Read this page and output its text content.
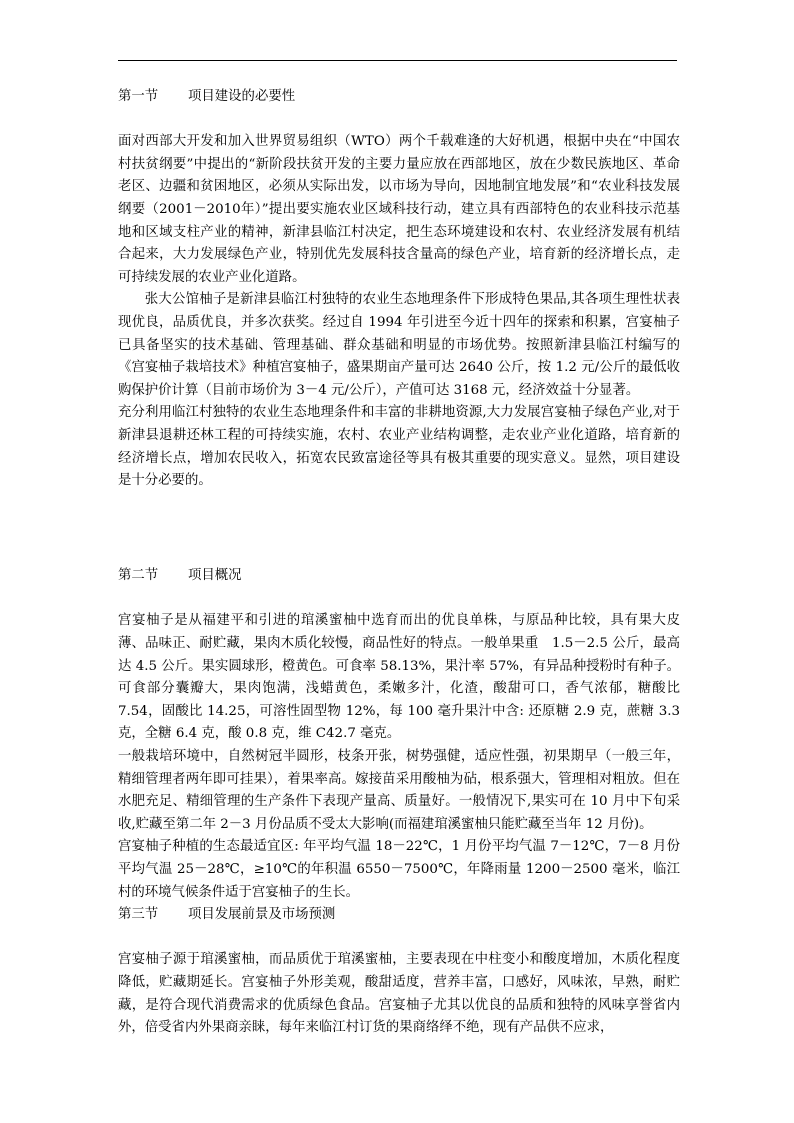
第一节 项目建设的必要性

面对西部大开发和加入世界贸易组织（WTO）两个千载难逢的大好机遇，根据中央在“中国农村扶贫纲要”中提出的“新阶段扶贫开发的主要力量应放在西部地区，放在少数民族地区、革命老区、边疆和贫困地区，必须从实际出发，以市场为导向，因地制宜地发展”和“农业科技发展纲要（2001－2010年）”提出要实施农业区域科技行动，建立具有西部特色的农业科技示范基地和区域支柱产业的精神，新津县临江村决定，把生态环境建设和农村、农业经济发展有机结合起来，大力发展绿色产业，特别优先发展科技含量高的绿色产业，培育新的经济增长点，走可持续发展的农业产业化道路。

张大公馆柚子是新津县临江村独特的农业生态地理条件下形成特色果品,其各项生理性状表现优良，品质优良，并多次获奖。经过自 1994 年引进至今近十四年的探索和积累，宫宴柚子已具备坚实的技术基础、管理基础、群众基础和明显的市场优势。按照新津县临江村编写的《宫宴柚子栽培技术》种植宫宴柚子，盛果期亩产量可达 2640 公斤，按 1.2 元/公斤的最低收购保护价计算（目前市场价为 3－4 元/公斤），产值可达 3168 元，经济效益十分显著。

充分利用临江村独特的农业生态地理条件和丰富的非耕地资源,大力发展宫宴柚子绿色产业,对于新津县退耕还林工程的可持续实施，农村、农业产业结构调整，走农业产业化道路，培育新的经济增长点，增加农民收入，拓宽农民致富途径等具有极其重要的现实意义。显然，项目建设是十分必要的。

第二节 项目概况

宫宴柚子是从福建平和引进的琯溪蜜柚中选育而出的优良单株，与原品种比较，具有果大皮薄、品味正、耐贮藏，果肉木质化较慢，商品性好的特点。一般单果重　1.5－2.5 公斤，最高达 4.5 公斤。果实圆球形，橙黄色。可食率 58.13%，果汁率 57%，有异品种授粉时有种子。可食部分囊瓣大，果肉饱满，浅蜡黄色，柔嫩多汁，化渣，酸甜可口，香气浓郁，糖酸比 7.54，固酸比 14.25，可溶性固型物 12%，每 100 毫升果汁中含: 还原糖 2.9 克，蔗糖 3.3 克，全糖 6.4 克，酸 0.8 克，维 C42.7 毫克。

一般栽培环境中，自然树冠半圆形，枝条开张，树势强健，适应性强，初果期早（一般三年，精细管理者两年即可挂果），着果率高。嫁接苗采用酸柚为砧，根系强大，管理相对粗放。但在水肥充足、精细管理的生产条件下表现产量高、质量好。一般情况下,果实可在 10 月中下旬采收,贮藏至第二年 2－3 月份品质不受太大影响(而福建琯溪蜜柚只能贮藏至当年 12 月份)。

宫宴柚子种植的生态最适宜区: 年平均气温 18－22℃，1 月份平均气温 7－12℃，7－8 月份平均气温 25－28℃，≥10℃的年积温 6550－7500℃，年降雨量 1200－2500 毫米，临江村的环境气候条件适于宫宴柚子的生长。

第三节 项目发展前景及市场预测

宫宴柚子源于琯溪蜜柚，而品质优于琯溪蜜柚，主要表现在中柱变小和酸度增加，木质化程度降低，贮藏期延长。宫宴柚子外形美观，酸甜适度，营养丰富，口感好，风味浓，早熟，耐贮藏，是符合现代消费需求的优质绿色食品。宫宴柚子尤其以优良的品质和独特的风味享誉省内外，倍受省内外果商亲睐，每年来临江村订货的果商络绎不绝，现有产品供不应求，
